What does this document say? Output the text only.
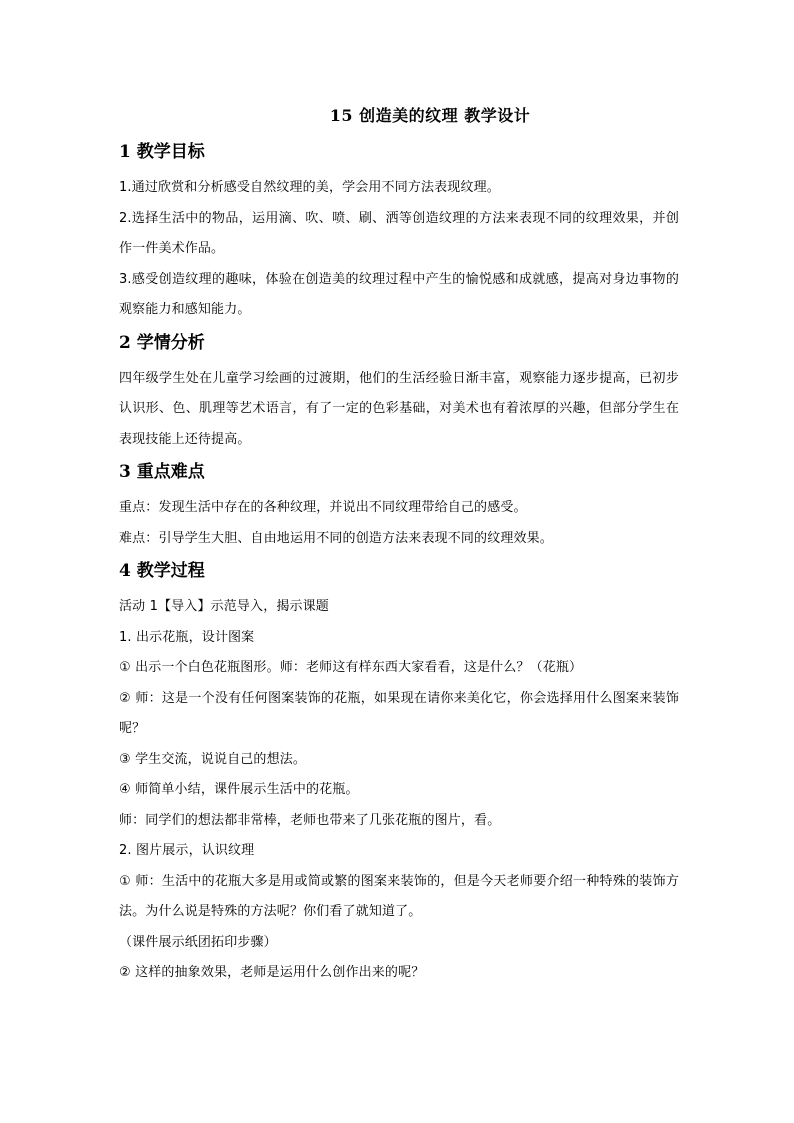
15 创造美的纹理 教学设计
1 教学目标

1.通过欣赏和分析感受自然纹理的美，学会用不同方法表现纹理。

2.选择生活中的物品，运用滴、吹、喷、刷、洒等创造纹理的方法来表现不同的纹理效果，并创作一件美术作品。

3.感受创造纹理的趣味，体验在创造美的纹理过程中产生的愉悦感和成就感，提高对身边事物的观察能力和感知能力。

2 学情分析

四年级学生处在儿童学习绘画的过渡期，他们的生活经验日渐丰富，观察能力逐步提高，已初步认识形、色、肌理等艺术语言，有了一定的色彩基础，对美术也有着浓厚的兴趣，但部分学生在表现技能上还待提高。

3 重点难点

重点：发现生活中存在的各种纹理，并说出不同纹理带给自己的感受。

难点：引导学生大胆、自由地运用不同的创造方法来表现不同的纹理效果。

4 教学过程

活动 1【导入】示范导入，揭示课题

1. 出示花瓶，设计图案

① 出示一个白色花瓶图形。师：老师这有样东西大家看看，这是什么？（花瓶）

② 师：这是一个没有任何图案装饰的花瓶，如果现在请你来美化它，你会选择用什么图案来装饰呢？

③ 学生交流，说说自己的想法。

④ 师简单小结，课件展示生活中的花瓶。

师：同学们的想法都非常棒，老师也带来了几张花瓶的图片，看。

2. 图片展示，认识纹理

① 师：生活中的花瓶大多是用或简或繁的图案来装饰的，但是今天老师要介绍一种特殊的装饰方法。为什么说是特殊的方法呢？你们看了就知道了。

（课件展示纸团拓印步骤）

② 这样的抽象效果，老师是运用什么创作出来的呢？
